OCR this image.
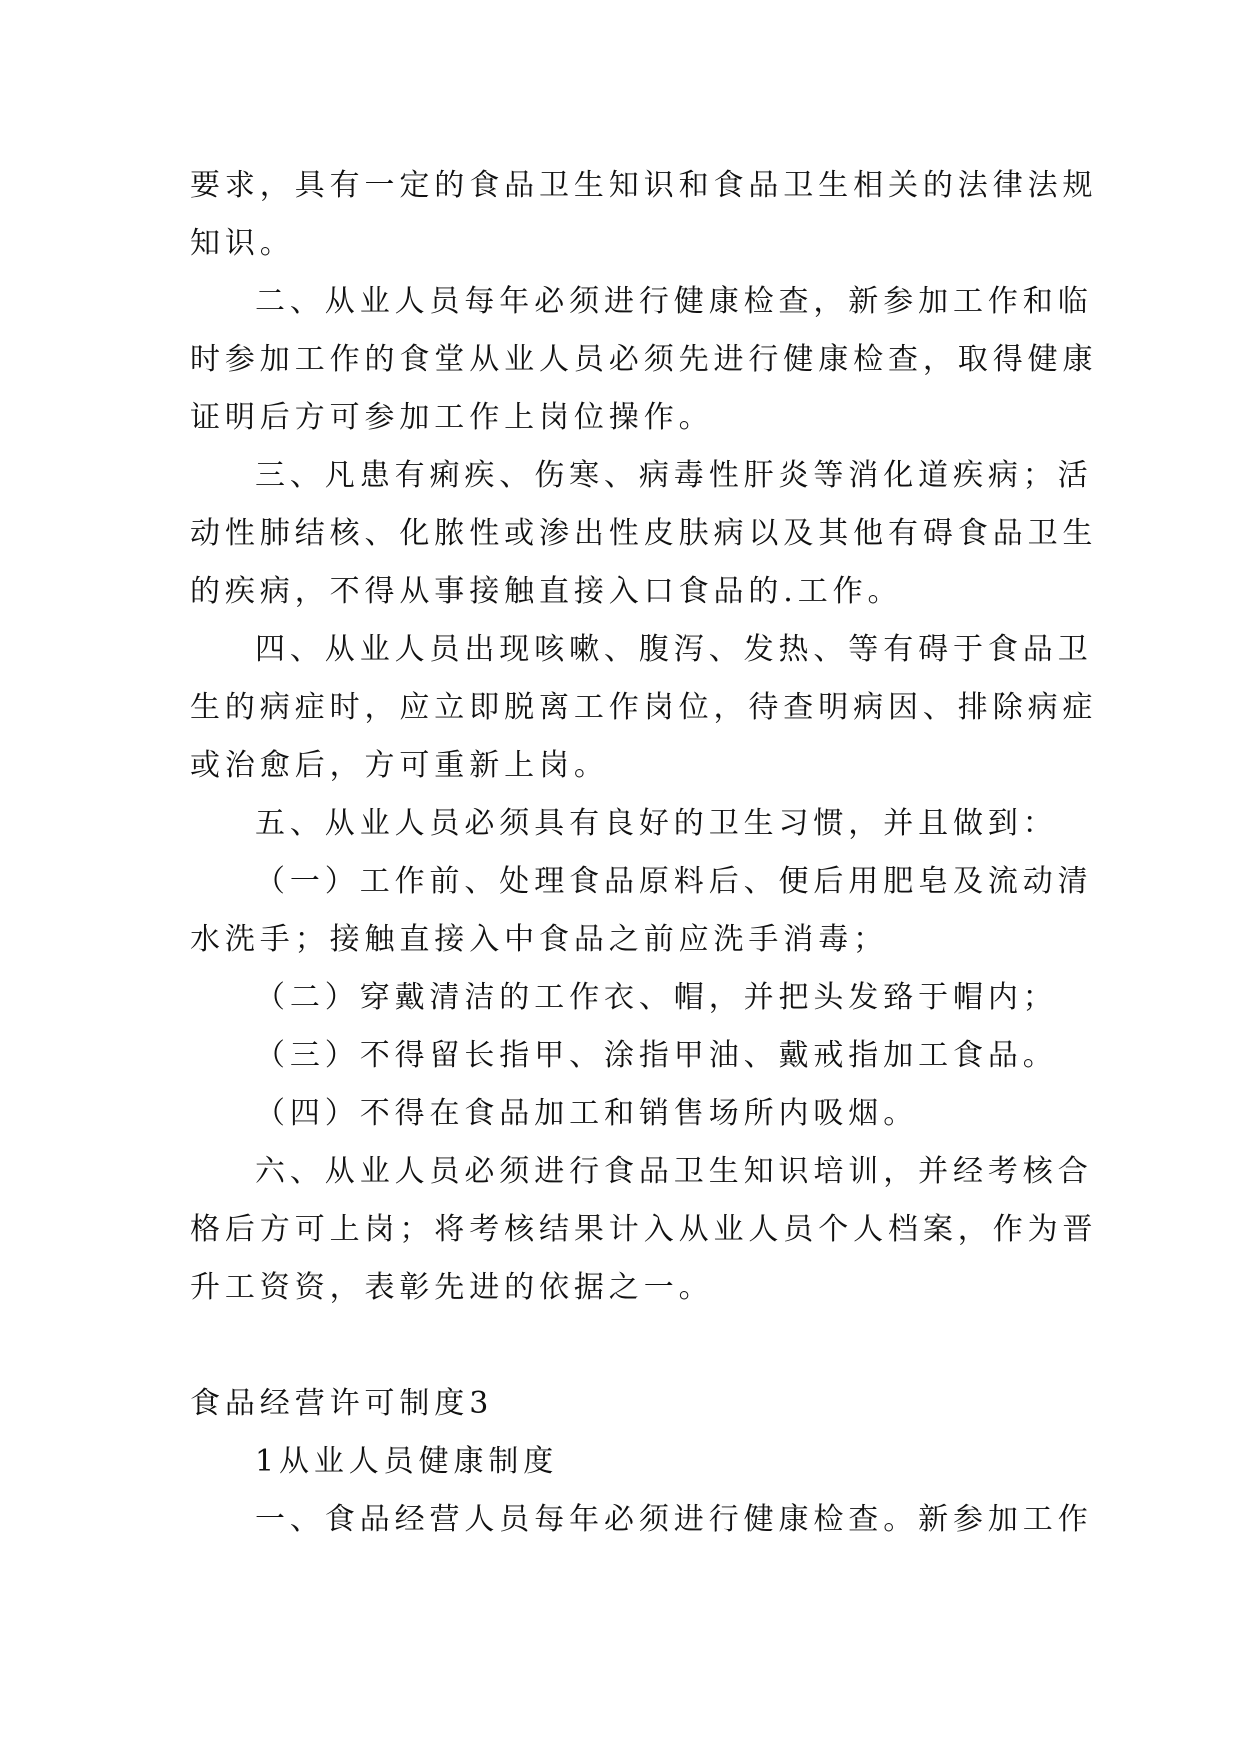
要求，具有一定的食品卫生知识和食品卫生相关的法律法规

知识。

二、从业人员每年必须进行健康检查，新参加工作和临

时参加工作的食堂从业人员必须先进行健康检查，取得健康

证明后方可参加工作上岗位操作。

三、凡患有痢疾、伤寒、病毒性肝炎等消化道疾病；活

动性肺结核、化脓性或渗出性皮肤病以及其他有碍食品卫生

的疾病，不得从事接触直接入口食品的.工作。

四、从业人员出现咳嗽、腹泻、发热、等有碍于食品卫

生的病症时，应立即脱离工作岗位，待查明病因、排除病症

或治愈后，方可重新上岗。

五、从业人员必须具有良好的卫生习惯，并且做到：

（一）工作前、处理食品原料后、便后用肥皂及流动清

水洗手；接触直接入中食品之前应洗手消毒；

（二）穿戴清洁的工作衣、帽，并把头发臵于帽内；

（三）不得留长指甲、涂指甲油、戴戒指加工食品。

（四）不得在食品加工和销售场所内吸烟。

六、从业人员必须进行食品卫生知识培训，并经考核合

格后方可上岗；将考核结果计入从业人员个人档案，作为晋

升工资资，表彰先进的依据之一。

食品经营许可制度3

1从业人员健康制度

一、食品经营人员每年必须进行健康检查。新参加工作
